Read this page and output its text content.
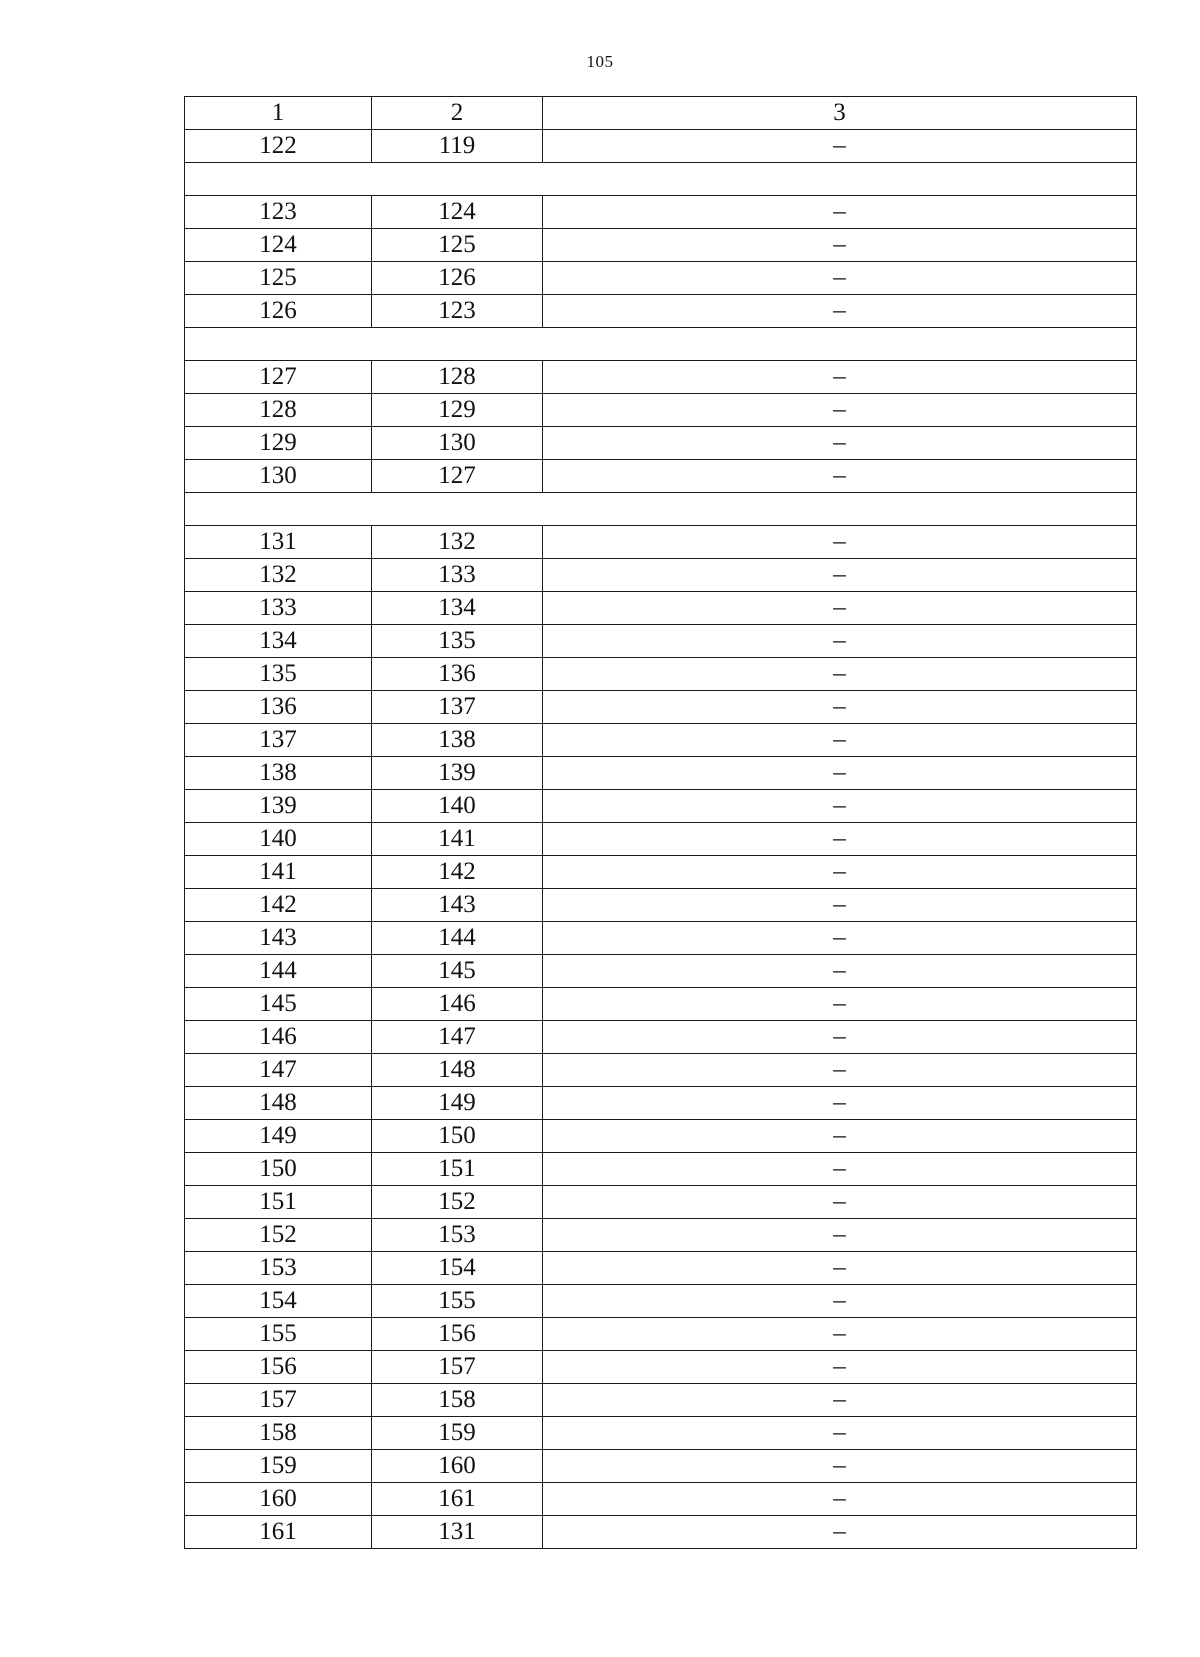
105
1	2	3
122	119	–

123	124	–
124	125	–
125	126	–
126	123	–

127	128	–
128	129	–
129	130	–
130	127	–

131	132	–
132	133	–
133	134	–
134	135	–
135	136	–
136	137	–
137	138	–
138	139	–
139	140	–
140	141	–
141	142	–
142	143	–
143	144	–
144	145	–
145	146	–
146	147	–
147	148	–
148	149	–
149	150	–
150	151	–
151	152	–
152	153	–
153	154	–
154	155	–
155	156	–
156	157	–
157	158	–
158	159	–
159	160	–
160	161	–
161	131	–
